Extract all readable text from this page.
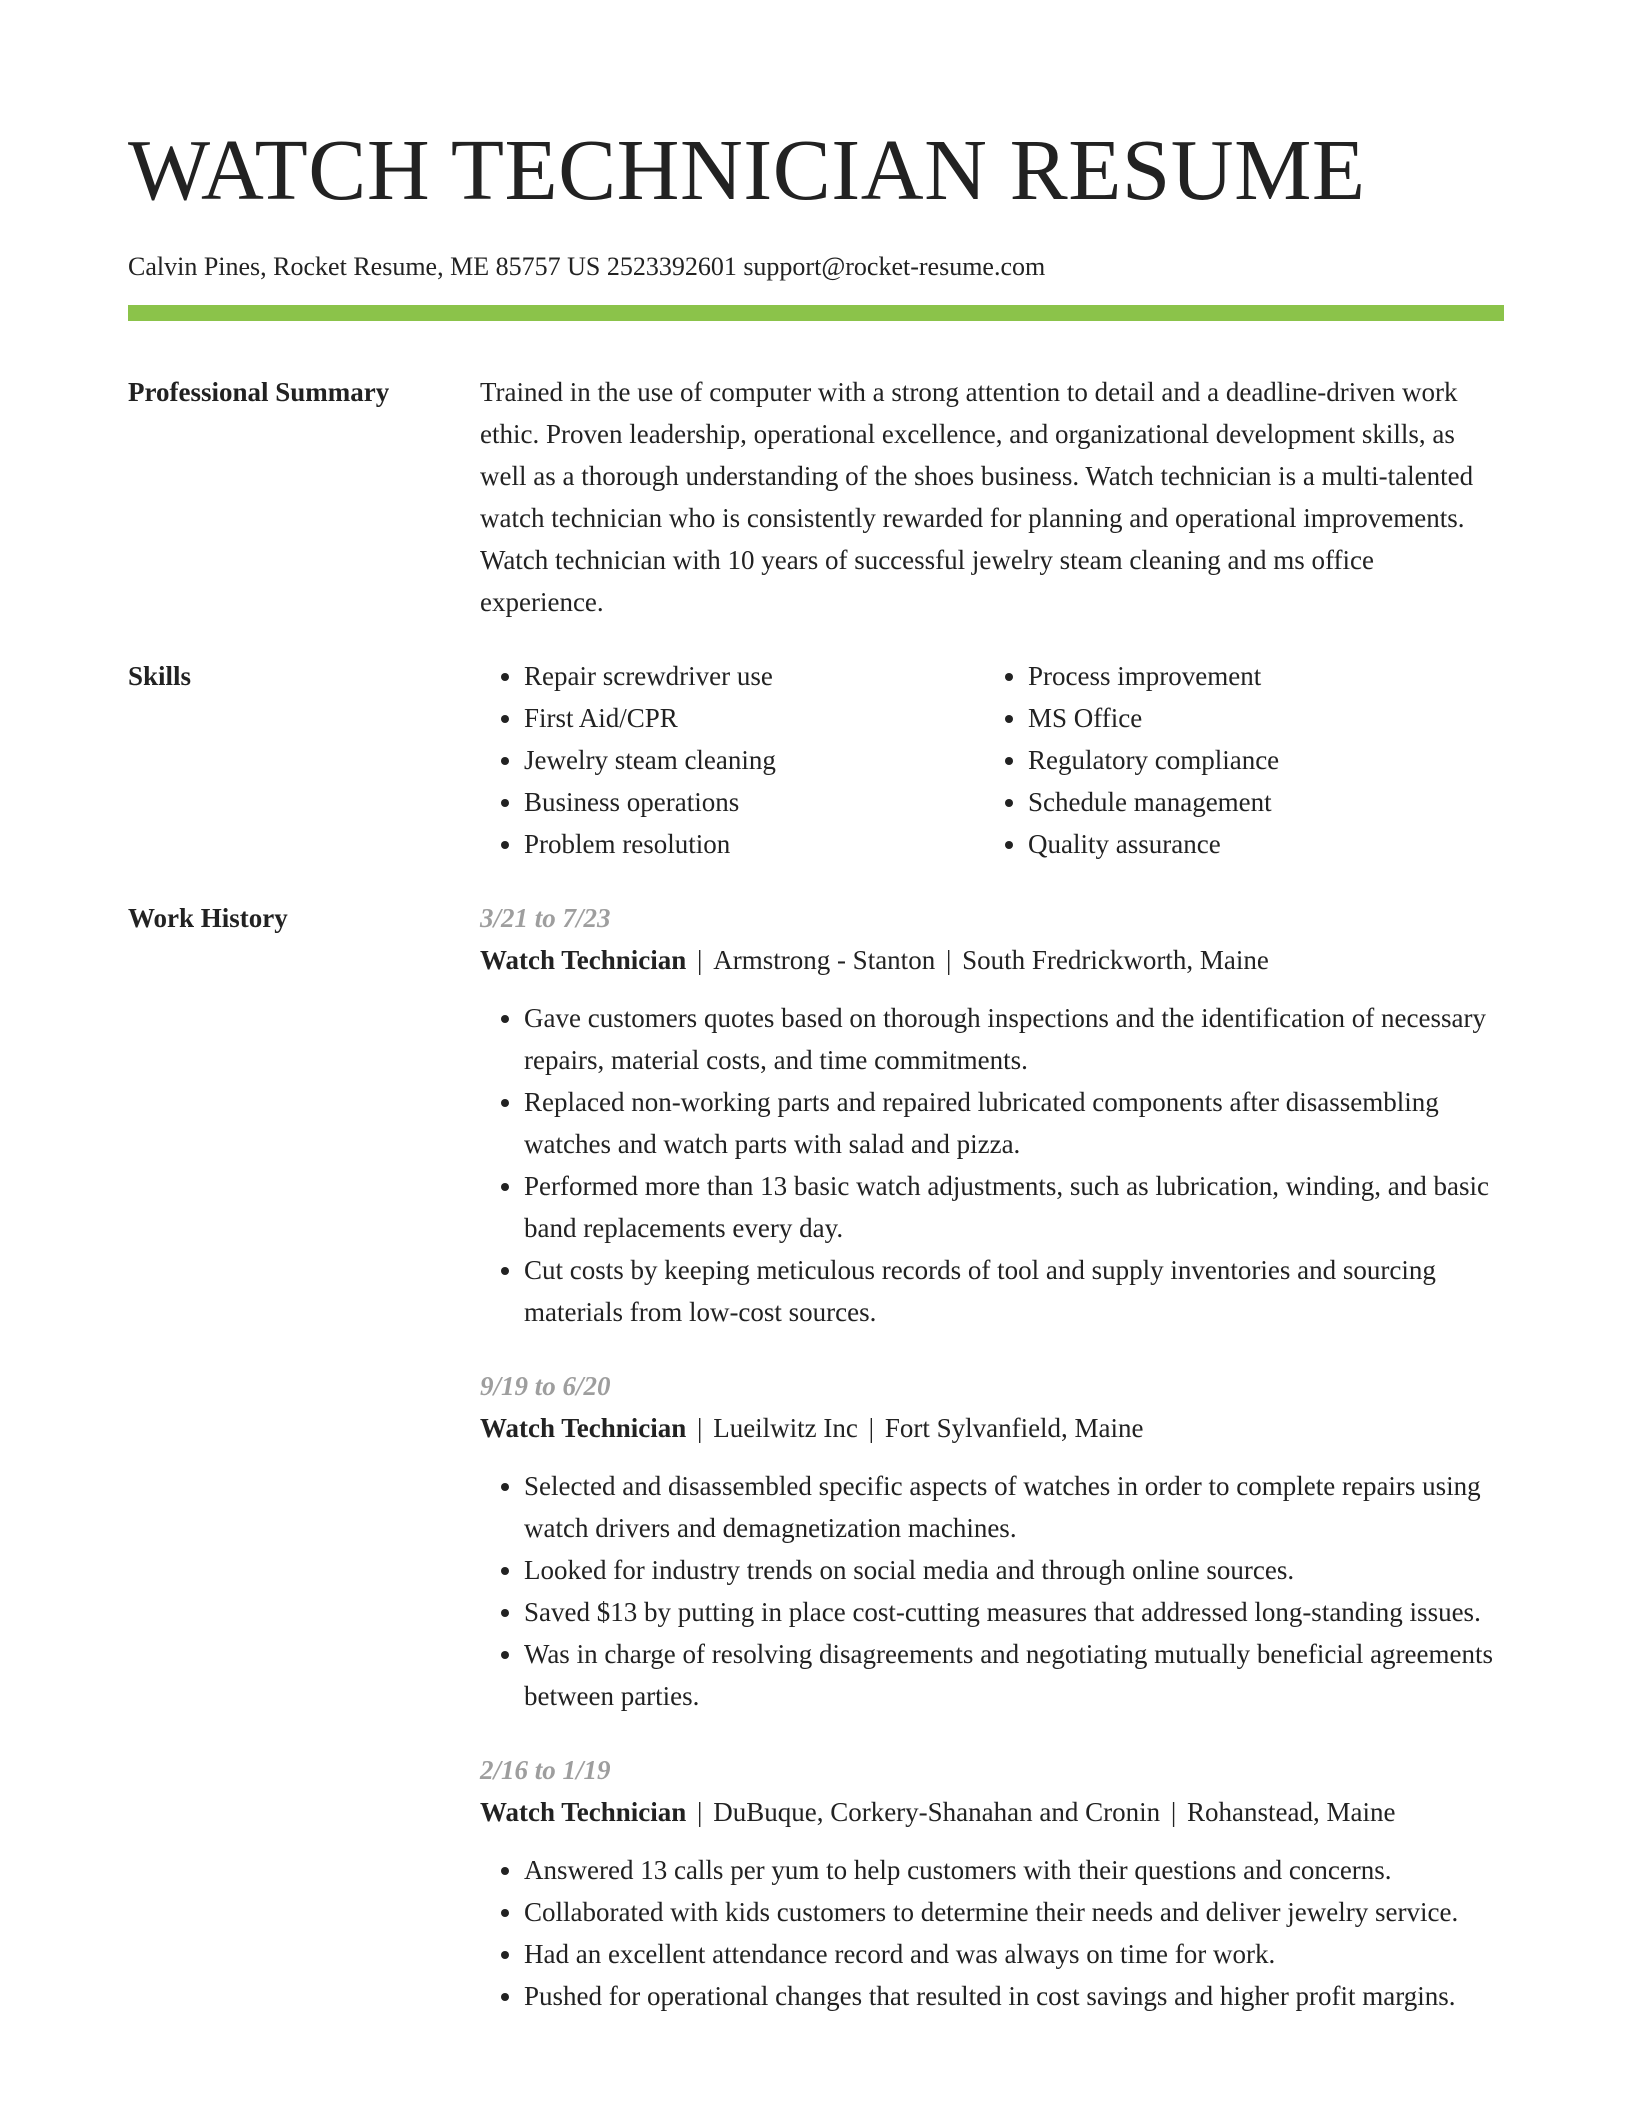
WATCH TECHNICIAN RESUME
Calvin Pines, Rocket Resume, ME 85757 US 2523392601 support@rocket-resume.com
Professional Summary	Trained in the use of computer with a strong attention to detail and a deadline-driven work ethic. Proven leadership, operational excellence, and organizational development skills, as well as a thorough understanding of the shoes business. Watch technician is a multi-talented watch technician who is consistently rewarded for planning and operational improvements. Watch technician with 10 years of successful jewelry steam cleaning and ms office experience.

Skills
•	Repair screwdriver use
• First Aid/CPR
• Jewelry steam cleaning
• Business operations
• Problem resolution
• Process improvement
• MS Office
• Regulatory compliance
• Schedule management
• Quality assurance
Work History	3/21 to 7/23
Watch Technician | Armstrong - Stanton | South Fredrickworth, Maine
• Gave customers quotes based on thorough inspections and the identification of necessary repairs, material costs, and time commitments.
• Replaced non-working parts and repaired lubricated components after disassembling watches and watch parts with salad and pizza.
• Performed more than 13 basic watch adjustments, such as lubrication, winding, and basic band replacements every day.
• Cut costs by keeping meticulous records of tool and supply inventories and sourcing materials from low-cost sources.
9/19 to 6/20
Watch Technician | Lueilwitz Inc | Fort Sylvanfield, Maine
• Selected and disassembled specific aspects of watches in order to complete repairs using watch drivers and demagnetization machines.
• Looked for industry trends on social media and through online sources.
• Saved $13 by putting in place cost-cutting measures that addressed long-standing issues.
• Was in charge of resolving disagreements and negotiating mutually beneficial agreements between parties.
2/16 to 1/19
Watch Technician | DuBuque, Corkery-Shanahan and Cronin | Rohanstead, Maine
• Answered 13 calls per yum to help customers with their questions and concerns.
• Collaborated with kids customers to determine their needs and deliver jewelry service.
• Had an excellent attendance record and was always on time for work.
• Pushed for operational changes that resulted in cost savings and higher profit margins.
